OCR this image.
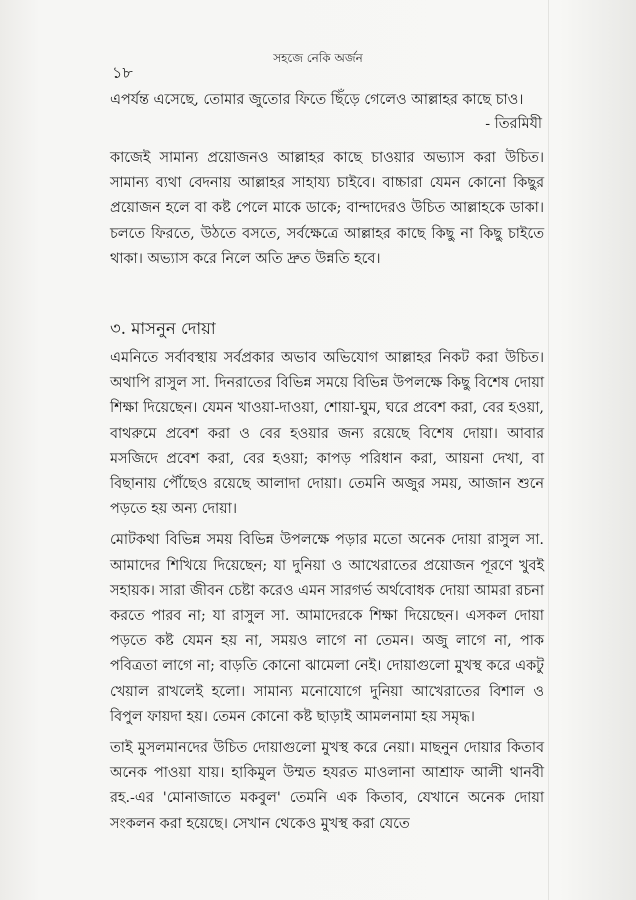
১৮
সহজে নেকি অর্জন

এপর্যন্ত এসেছে, তোমার জুতোর ফিতে ছিঁড়ে গেলেও আল্লাহর কাছে চাও।

- তিরমিযী

কাজেই সামান্য প্রয়োজনও আল্লাহর কাছে চাওয়ার অভ্যাস করা উচিত। সামান্য ব্যথা বেদনায় আল্লাহর সাহায্য চাইবে। বাচ্চারা যেমন কোনো কিছুর প্রয়োজন হলে বা কষ্ট পেলে মাকে ডাকে; বান্দাদেরও উচিত আল্লাহকে ডাকা। চলতে ফিরতে, উঠতে বসতে, সর্বক্ষেত্রে আল্লাহর কাছে কিছু না কিছু চাইতে থাকা। অভ্যাস করে নিলে অতি দ্রুত উন্নতি হবে।

৩. মাসনুন দোয়া

এমনিতে সর্বাবস্থায় সর্বপ্রকার অভাব অভিযোগ আল্লাহর নিকট করা উচিত। অথাপি রাসুল সা. দিনরাতের বিভিন্ন সময়ে বিভিন্ন উপলক্ষে কিছু বিশেষ দোয়া শিক্ষা দিয়েছেন। যেমন খাওয়া-দাওয়া, শোয়া-ঘুম, ঘরে প্রবেশ করা, বের হওয়া, বাথরুমে প্রবেশ করা ও বের হওয়ার জন্য রয়েছে বিশেষ দোয়া। আবার মসজিদে প্রবেশ করা, বের হওয়া; কাপড় পরিধান করা, আয়না দেখা, বা বিছানায় পৌঁছেও রয়েছে আলাদা দোয়া। তেমনি অজুর সময়, আজান শুনে পড়তে হয় অন্য দোয়া।

মোটকথা বিভিন্ন সময় বিভিন্ন উপলক্ষে পড়ার মতো অনেক দোয়া রাসুল সা. আমাদের শিখিয়ে দিয়েছেন; যা দুনিয়া ও আখেরাতের প্রয়োজন পূরণে খুবই সহায়ক। সারা জীবন চেষ্টা করেও এমন সারগর্ভ অর্থবোধক দোয়া আমরা রচনা করতে পারব না; যা রাসুল সা. আমাদেরকে শিক্ষা দিয়েছেন। এসকল দোয়া পড়তে কষ্ট যেমন হয় না, সময়ও লাগে না তেমন। অজু লাগে না, পাক পবিত্রতা লাগে না; বাড়তি কোনো ঝামেলা নেই। দোয়াগুলো মুখস্থ করে একটু খেয়াল রাখলেই হলো। সামান্য মনোযোগে দুনিয়া আখেরাতের বিশাল ও বিপুল ফায়দা হয়। তেমন কোনো কষ্ট ছাড়াই আমলনামা হয় সমৃদ্ধ।

তাই মুসলমানদের উচিত দোয়াগুলো মুখস্থ করে নেয়া। মাছনুন দোয়ার কিতাব অনেক পাওয়া যায়। হাকিমুল উম্মত হযরত মাওলানা আশ্রাফ আলী থানবী রহ.-এর 'মোনাজাতে মকবুল' তেমনি এক কিতাব, যেখানে অনেক দোয়া সংকলন করা হয়েছে। সেখান থেকেও মুখস্থ করা যেতে
